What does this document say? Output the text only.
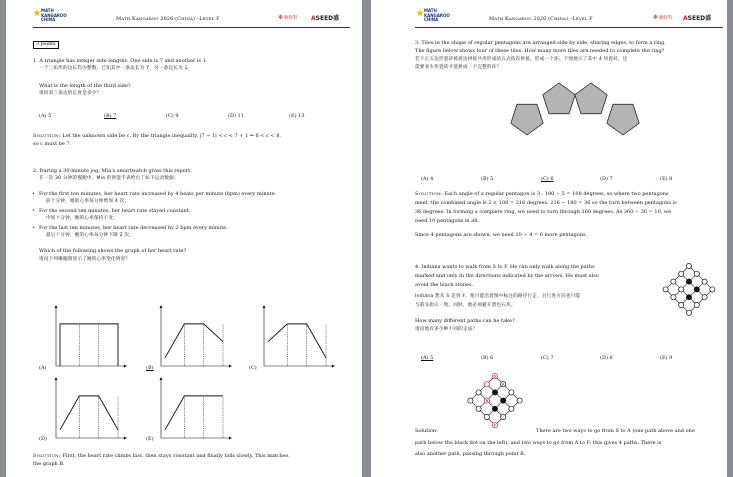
MATH
KANGAROO
CHINA	Math Kangaroo 2026 (China) –Level F	✻ 翱智科 ASEED盛
3 points
1. A triangle has integer side lengths. One side is 7 and another is 1.
一个三角形的边长均为整数，已知其中一条边长为 7，另一条边长为 1。
What is the length of the third side?
请问第三条边的长度是多少？
(A) 5	(B) 7	(C) 9	(D) 11	(E) 13
Solution: Let the unknown side be c. By the triangle inequality, |7 − 1| < c < 7 + 1 ⇒ 6 < c < 8,
so c must be 7.
2. During a 30-minute jog, Mia’s smartwatch gives this report:
在一次 30 分钟的慢跑中，Mia 的智能手表给出了如下运动数据：
• For the first ten minutes, her heart rate increased by 4 beats per minute (bpm) every minute.
前十分钟，她的心率每分钟增加 4 次；
• For the second ten minutes, her heart rate stayed constant.
中间十分钟，她的心率保持不变；
• For the last ten minutes, her heart rate decreased by 2 bpm every minute.
最后十分钟，她的心率每分钟下降 2 次。
Which of the following shows the graph of her heart rate?
请问下列哪幅图显示了她的心率变化情况？
(A)	(B)	(C)
(D)	(E)
Solution: First, the heart rate climbs fast, then stays constant and finally falls slowly. This matches
the graph B.
MATH
KANGAROO
CHINA	Math Kangaroo 2026 (China) –Level F	✻ 翱智科 ASEED盛
3. Tiles in the shape of regular pentagons are arranged side by side, sharing edges, to form a ring.
The figure below shows four of these tiles. How many more tiles are needed to complete the ring?
若干正五边形瓷砖被逐边拼接共用形成的五式依次拼接，形成一个环。下图展示了其中 4 块瓷砖，还
需要多少块瓷砖才能拼成一个完整的环？
(A) 4	(B) 5	(C) 6	(D) 7	(E) 8
Solution: Each angle of a regular pentagon is 3 · 180 ÷ 5 = 108 degrees, so where two pentagons
meet, the combined angle is 2 × 108 = 216 degrees. 216 − 180 = 36 so the turn between pentagons is
36 degrees. In forming a complete ring, we need to turn through 360 degrees. As 360 ÷ 36 = 10, we
need 10 pentagons in all.
Since 4 pentagons are shown, we need 10 − 4 = 6 more pentagons.
4. Indiana wants to walk from S to F. He can only walk along the paths
marked and only in the directions indicated by the arrows. He must also
avoid the black stones.
Indiana 想从 S 走到 F。他只能沿着图中标注的路径行走，且行进方向也只能
与箭头指示一致。同时，他必须避开黑色石块。
How many different paths can he take?
请问他有多少种不同的走法？
(A) 5	(B) 6	(C) 7	(D) 8	(E) 9
S
A
B
F
Solution:	There are two ways to go from S to A (one path above and one
path below the black dot on the left), and two ways to go from A to F; this gives 4 paths. There is
also another path, passing through point B.
